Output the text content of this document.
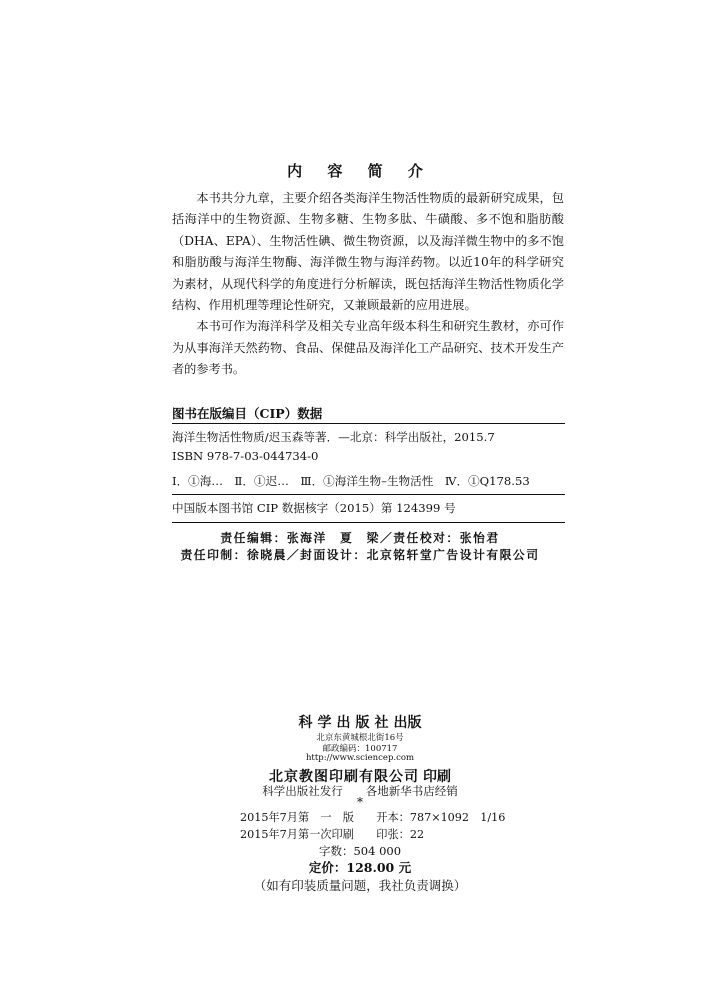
内 容 简 介

本书共分九章，主要介绍各类海洋生物活性物质的最新研究成果，包括海洋中的生物资源、生物多糖、生物多肽、牛磺酸、多不饱和脂肪酸（DHA、EPA）、生物活性碘、微生物资源，以及海洋微生物中的多不饱和脂肪酸与海洋生物酶、海洋微生物与海洋药物。以近10年的科学研究为素材，从现代科学的角度进行分析解读，既包括海洋生物活性物质化学结构、作用机理等理论性研究，又兼顾最新的应用进展。

本书可作为海洋科学及相关专业高年级本科生和研究生教材，亦可作为从事海洋天然药物、食品、保健品及海洋化工产品研究、技术开发生产者的参考书。

图书在版编目（CIP）数据
海洋生物活性物质/迟玉森等著．—北京：科学出版社，2015.7
ISBN 978-7-03-044734-0
Ⅰ．①海…　Ⅱ．①迟…　Ⅲ．①海洋生物–生物活性　Ⅳ．①Q178.53
中国版本图书馆 CIP 数据核字（2015）第 124399 号
责任编辑：张海洋　夏　梁／责任校对：张怡君
责任印制：徐晓晨／封面设计：北京铭轩堂广告设计有限公司
科学出版社出版
北京东黄城根北街16号
邮政编码：100717
http://www.sciencep.com
北京教图印刷有限公司 印刷
科学出版社发行　　各地新华书店经销
*
2015年7月第　一　版　　开本：787×1092　1/16
2015年7月第一次印刷　　印张：22
字数：504 000
定价：128.00 元
（如有印装质量问题，我社负责调换）
